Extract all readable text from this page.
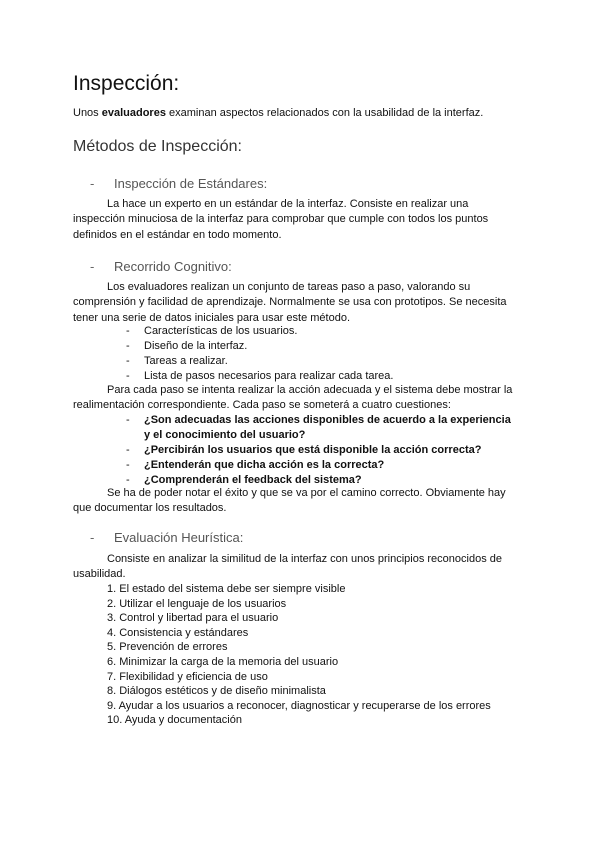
Inspección:

Unos evaluadores examinan aspectos relacionados con la usabilidad de la interfaz.

Métodos de Inspección:
- Inspección de Estándares:

La hace un experto en un estándar de la interfaz. Consiste en realizar una inspección minuciosa de la interfaz para comprobar que cumple con todos los puntos definidos en el estándar en todo momento.

- Recorrido Cognitivo:

Los evaluadores realizan un conjunto de tareas paso a paso, valorando su comprensión y facilidad de aprendizaje. Normalmente se usa con prototipos. Se necesita tener una serie de datos iniciales para usar este método.

- Características de los usuarios.
- Diseño de la interfaz.
- Tareas a realizar.
- Lista de pasos necesarios para realizar cada tarea.

Para cada paso se intenta realizar la acción adecuada y el sistema debe mostrar la realimentación correspondiente. Cada paso se someterá a cuatro cuestiones:

- ¿Son adecuadas las acciones disponibles de acuerdo a la experiencia y el conocimiento del usuario?
- ¿Percibirán los usuarios que está disponible la acción correcta?
- ¿Entenderán que dicha acción es la correcta?
- ¿Comprenderán el feedback del sistema?

Se ha de poder notar el éxito y que se va por el camino correcto. Obviamente hay que documentar los resultados.

- Evaluación Heurística:

Consiste en analizar la similitud de la interfaz con unos principios reconocidos de usabilidad.

1. El estado del sistema debe ser siempre visible
2. Utilizar el lenguaje de los usuarios
3. Control y libertad para el usuario
4. Consistencia y estándares
5. Prevención de errores
6. Minimizar la carga de la memoria del usuario
7. Flexibilidad y eficiencia de uso
8. Diálogos estéticos y de diseño minimalista
9. Ayudar a los usuarios a reconocer, diagnosticar y recuperarse de los errores
10. Ayuda y documentación
